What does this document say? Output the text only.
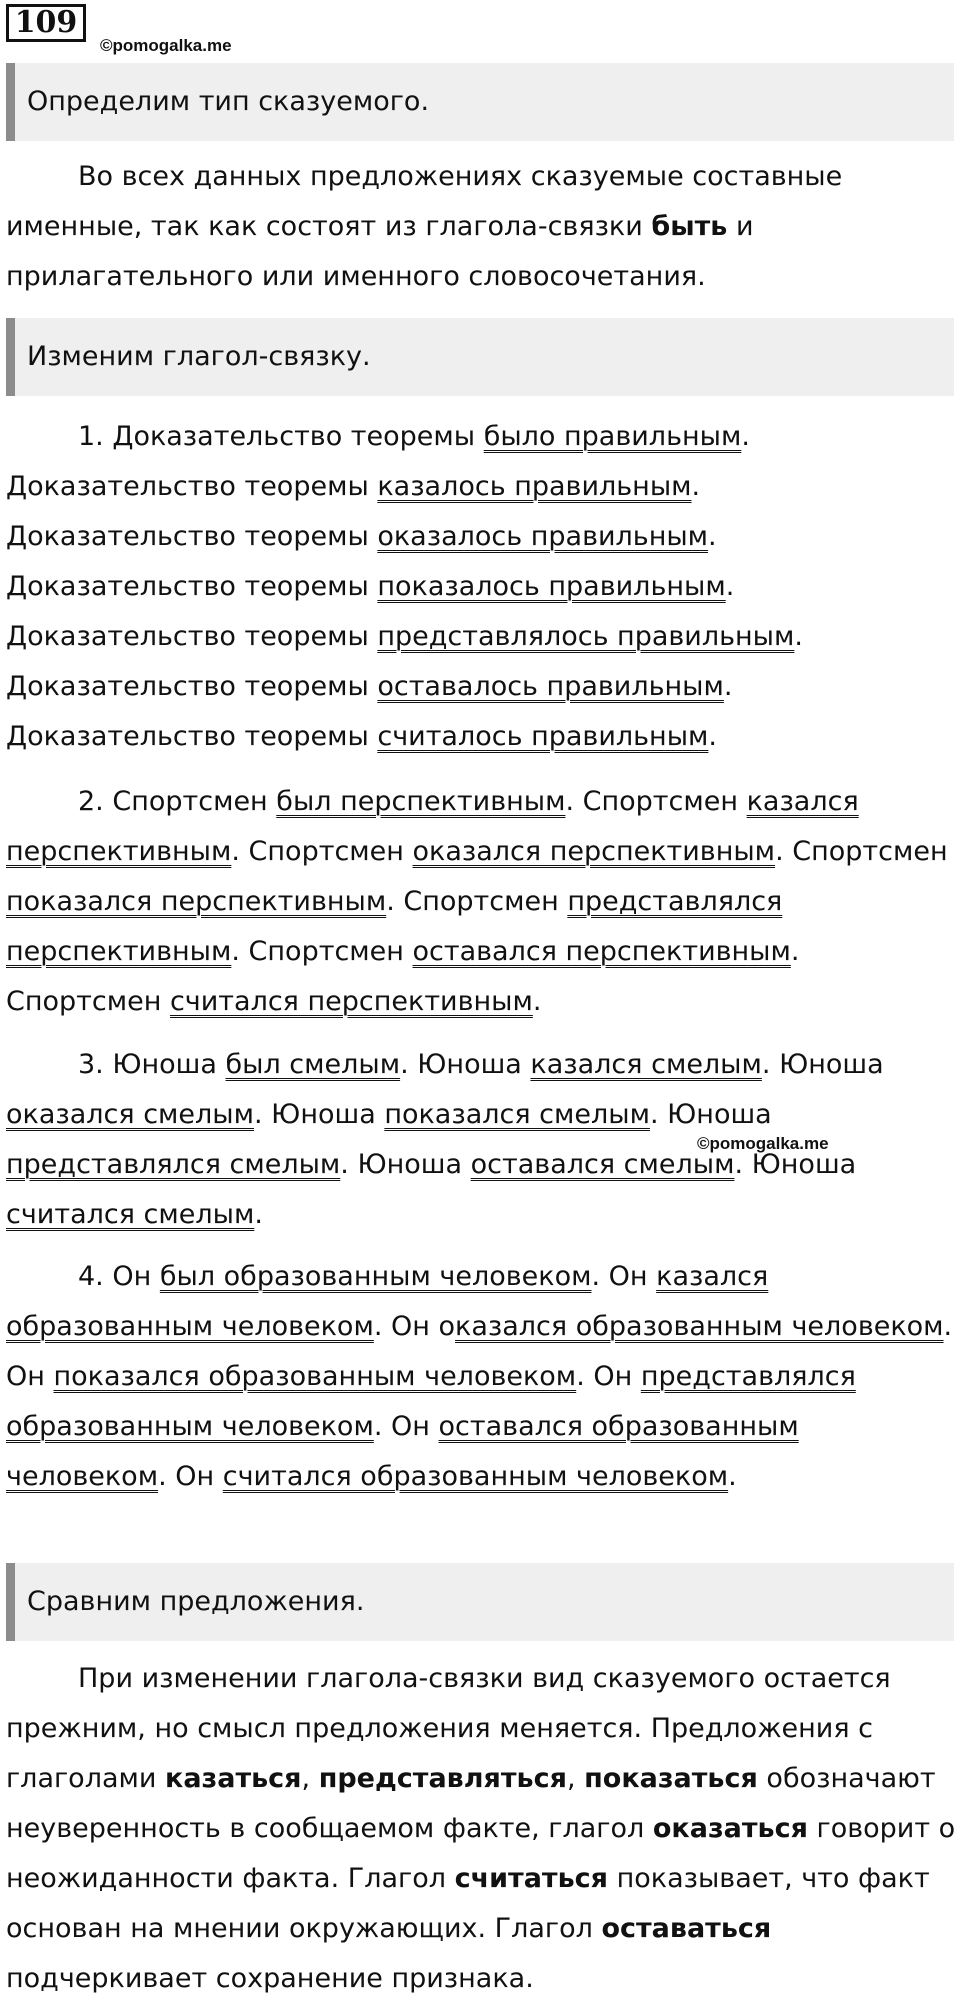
109
©pomogalka.me
Определим тип сказуемого.

Во всех данных предложениях сказуемые составные именные, так как состоят из глагола-связки быть и прилагательного или именного словосочетания.

Изменим глагол-связку.

1. Доказательство теоремы было правильным.
Доказательство теоремы казалось правильным.
Доказательство теоремы оказалось правильным.
Доказательство теоремы показалось правильным.
Доказательство теоремы представлялось правильным.
Доказательство теоремы оставалось правильным.
Доказательство теоремы считалось правильным.

2. Спортсмен был перспективным. Спортсмен казался перспективным. Спортсмен оказался перспективным. Спортсмен показался перспективным. Спортсмен представлялся перспективным. Спортсмен оставался перспективным. Спортсмен считался перспективным.

3. Юноша был смелым. Юноша казался смелым. Юноша оказался смелым. Юноша показался смелым. Юноша представлялся смелым. Юноша оставался смелым. Юноша считался смелым.

©pomogalka.me

4. Он был образованным человеком. Он казался образованным человеком. Он оказался образованным человеком. Он показался образованным человеком. Он представлялся образованным человеком. Он оставался образованным человеком. Он считался образованным человеком.

Сравним предложения.

При изменении глагола-связки вид сказуемого остается прежним, но смысл предложения меняется. Предложения с глаголами казаться, представляться, показаться обозначают неуверенность в сообщаемом факте, глагол оказаться говорит о неожиданности факта. Глагол считаться показывает, что факт основан на мнении окружающих. Глагол оставаться подчеркивает сохранение признака.
